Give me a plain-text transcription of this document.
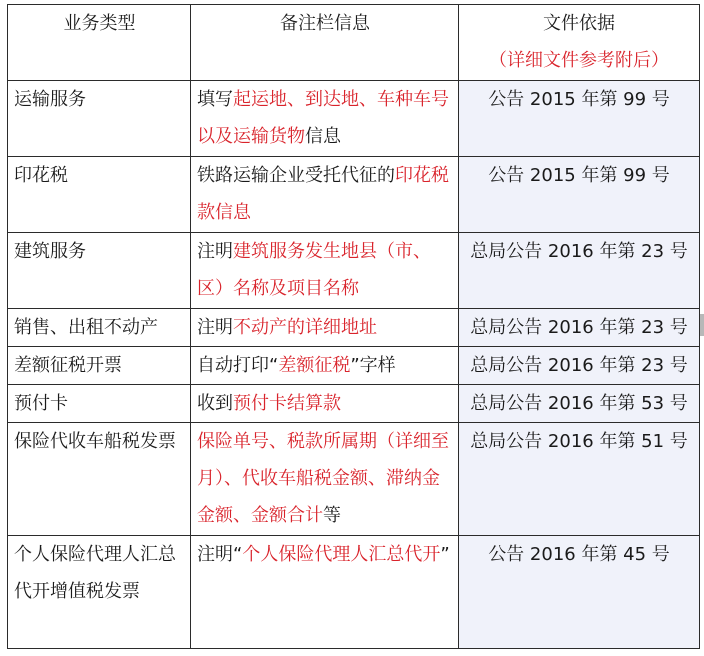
业务类型	备注栏信息	文件依据
（详细文件参考附后）

运输服务	填写起运地、到达地、车种车号以及运输货物信息	公告 2015 年第 99 号
印花税	铁路运输企业受托代征的印花税款信息	公告 2015 年第 99 号
建筑服务	注明建筑服务发生地县（市、区）名称及项目名称	总局公告 2016 年第 23 号
销售、出租不动产	注明不动产的详细地址	总局公告 2016 年第 23 号
差额征税开票	自动打印“差额征税”字样	总局公告 2016 年第 23 号
预付卡	收到预付卡结算款	总局公告 2016 年第 53 号
保险代收车船税发票	保险单号、税款所属期（详细至月）、代收车船税金额、滞纳金金额、金额合计等	总局公告 2016 年第 51 号
个人保险代理人汇总代开增值税发票	注明“个人保险代理人汇总代开”	公告 2016 年第 45 号
